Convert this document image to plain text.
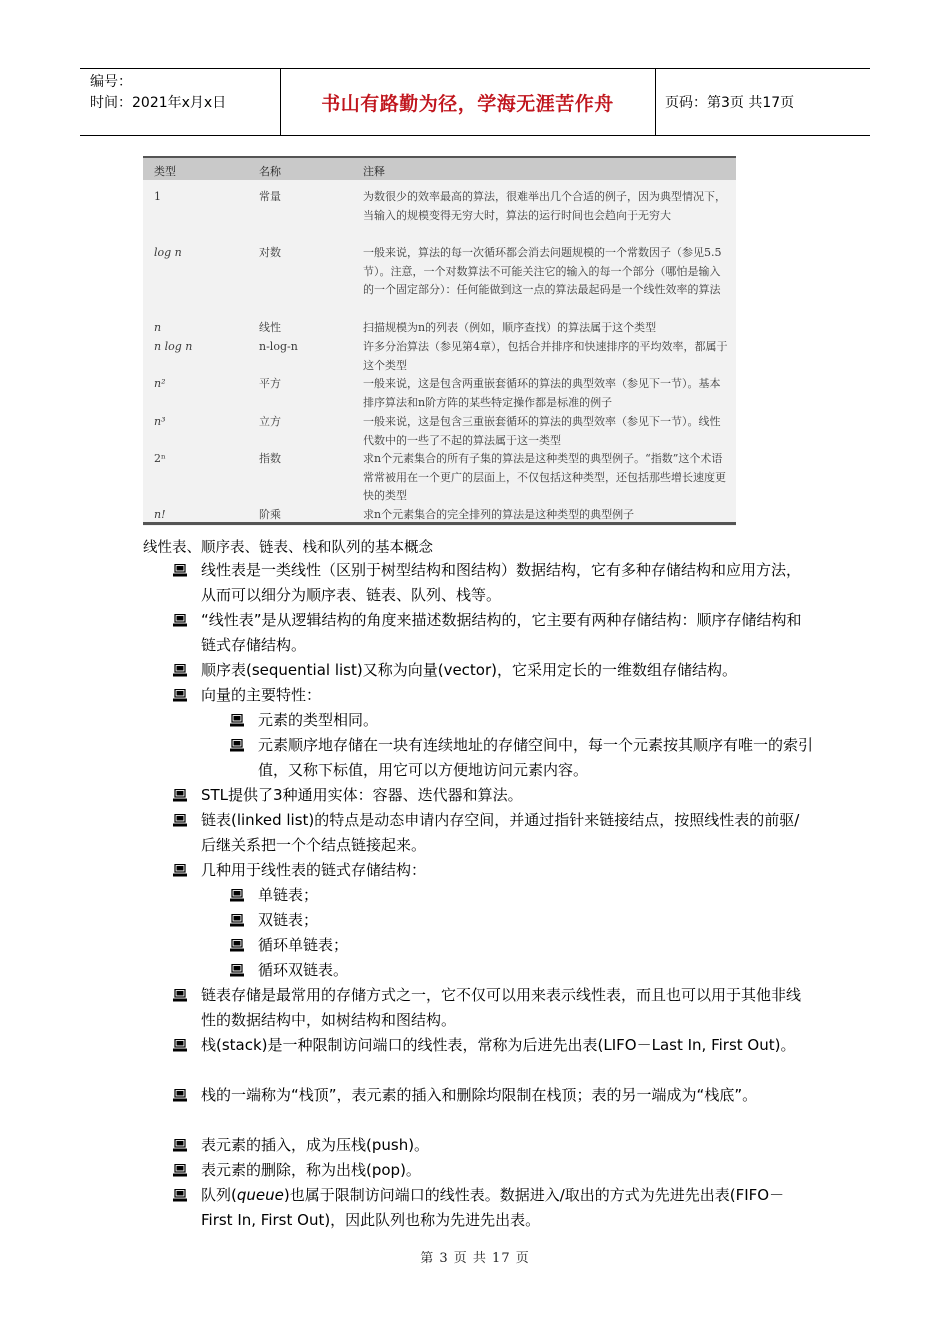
编号：
时间：2021年x月x日	书山有路勤为径，学海无涯苦作舟	页码：第3页 共17页
类型	名称	注释
1	常量	为数很少的效率最高的算法，很难举出几个合适的例子，因为典型情况下，当输入的规模变得无穷大时，算法的运行时间也会趋向于无穷大
log n	对数	一般来说，算法的每一次循环都会消去问题规模的一个常数因子（参见5.5节）。注意，一个对数算法不可能关注它的输入的每一个部分（哪怕是输入的一个固定部分）：任何能做到这一点的算法最起码是一个线性效率的算法
n	线性	扫描规模为n的列表（例如，顺序查找）的算法属于这个类型
n log n	n-log-n	许多分治算法（参见第4章），包括合并排序和快速排序的平均效率，都属于这个类型
n²	平方	一般来说，这是包含两重嵌套循环的算法的典型效率（参见下一节）。基本排序算法和n阶方阵的某些特定操作都是标准的例子
n³	立方	一般来说，这是包含三重嵌套循环的算法的典型效率（参见下一节）。线性代数中的一些了不起的算法属于这一类型
2ⁿ	指数	求n个元素集合的所有子集的算法是这种类型的典型例子。“指数”这个术语常常被用在一个更广的层面上，不仅包括这种类型，还包括那些增长速度更快的类型
n!	阶乘	求n个元素集合的完全排列的算法是这种类型的典型例子
线性表、顺序表、链表、栈和队列的基本概念
线性表是一类线性（区别于树型结构和图结构）数据结构，它有多种存储结构和应用方法，从而可以细分为顺序表、链表、队列、栈等。
“线性表”是从逻辑结构的角度来描述数据结构的，它主要有两种存储结构：顺序存储结构和链式存储结构。
顺序表(sequential list)又称为向量(vector)，它采用定长的一维数组存储结构。
向量的主要特性：
元素的类型相同。
元素顺序地存储在一块有连续地址的存储空间中，每一个元素按其顺序有唯一的索引值，又称下标值，用它可以方便地访问元素内容。
STL提供了3种通用实体：容器、迭代器和算法。
链表(linked list)的特点是动态申请内存空间，并通过指针来链接结点，按照线性表的前驱/后继关系把一个个结点链接起来。
几种用于线性表的链式存储结构：
单链表；
双链表；
循环单链表；
循环双链表。
链表存储是最常用的存储方式之一，它不仅可以用来表示线性表，而且也可以用于其他非线性的数据结构中，如树结构和图结构。
栈(stack)是一种限制访问端口的线性表，常称为后进先出表(LIFO－Last In, First Out)。
栈的一端称为“栈顶”，表元素的插入和删除均限制在栈顶；表的另一端成为“栈底”。
表元素的插入，成为压栈(push)。
表元素的删除，称为出栈(pop)。
队列(queue)也属于限制访问端口的线性表。数据进入/取出的方式为先进先出表(FIFO－First In, First Out)，因此队列也称为先进先出表。
第 3 页 共 17 页
